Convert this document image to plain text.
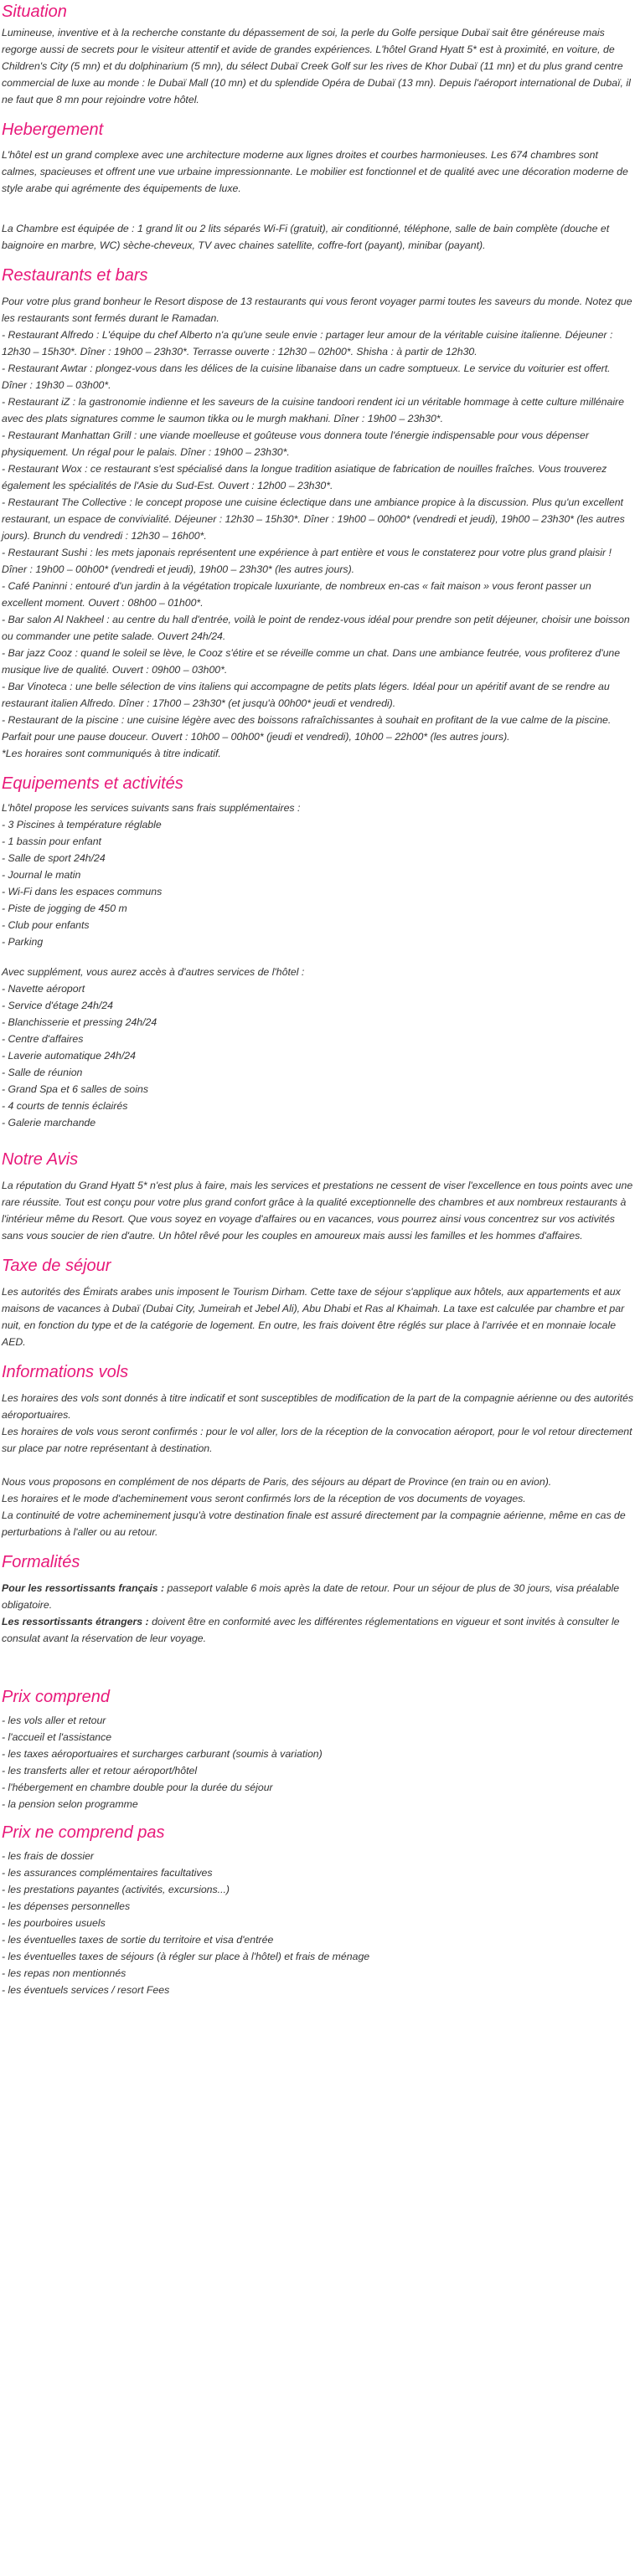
Situation

Lumineuse, inventive et à la recherche constante du dépassement de soi, la perle du Golfe persique Dubaï sait être généreuse mais regorge aussi de secrets pour le visiteur attentif et avide de grandes expériences. L'hôtel Grand Hyatt 5* est à proximité, en voiture, de Children's City (5 mn) et du dolphinarium (5 mn), du sélect Dubaï Creek Golf sur les rives de Khor Dubaï (11 mn) et du plus grand centre commercial de luxe au monde : le Dubaï Mall (10 mn) et du splendide Opéra de Dubaï (13 mn). Depuis l'aéroport international de Dubaï, il ne faut que 8 mn pour rejoindre votre hôtel.

Hebergement

L'hôtel est un grand complexe avec une architecture moderne aux lignes droites et courbes harmonieuses. Les 674 chambres sont calmes, spacieuses et offrent une vue urbaine impressionnante. Le mobilier est fonctionnel et de qualité avec une décoration moderne de style arabe qui agrémente des équipements de luxe.

La Chambre est équipée de : 1 grand lit ou 2 lits séparés Wi-Fi (gratuit), air conditionné, téléphone, salle de bain complète (douche et baignoire en marbre, WC) sèche-cheveux, TV avec chaines satellite, coffre-fort (payant), minibar (payant).

Restaurants et bars

Pour votre plus grand bonheur le Resort dispose de 13 restaurants qui vous feront voyager parmi toutes les saveurs du monde. Notez que les restaurants sont fermés durant le Ramadan.

- Restaurant Alfredo : L'équipe du chef Alberto n'a qu'une seule envie : partager leur amour de la véritable cuisine italienne. Déjeuner : 12h30 – 15h30*. Dîner : 19h00 – 23h30*. Terrasse ouverte : 12h30 – 02h00*. Shisha : à partir de 12h30.

- Restaurant Awtar : plongez-vous dans les délices de la cuisine libanaise dans un cadre somptueux. Le service du voiturier est offert. Dîner : 19h30 – 03h00*.

- Restaurant iZ : la gastronomie indienne et les saveurs de la cuisine tandoori rendent ici un véritable hommage à cette culture millénaire avec des plats signatures comme le saumon tikka ou le murgh makhani. Dîner : 19h00 – 23h30*.

- Restaurant Manhattan Grill : une viande moelleuse et goûteuse vous donnera toute l'énergie indispensable pour vous dépenser physiquement. Un régal pour le palais. Dîner : 19h00 – 23h30*.

- Restaurant Wox : ce restaurant s'est spécialisé dans la longue tradition asiatique de fabrication de nouilles fraîches. Vous trouverez également les spécialités de l'Asie du Sud-Est. Ouvert : 12h00 – 23h30*.

- Restaurant The Collective : le concept propose une cuisine éclectique dans une ambiance propice à la discussion. Plus qu'un excellent restaurant, un espace de convivialité. Déjeuner : 12h30 – 15h30*. Dîner : 19h00 – 00h00* (vendredi et jeudi), 19h00 – 23h30* (les autres jours). Brunch du vendredi : 12h30 – 16h00*.

- Restaurant Sushi : les mets japonais représentent une expérience à part entière et vous le constaterez pour votre plus grand plaisir ! Dîner : 19h00 – 00h00* (vendredi et jeudi), 19h00 – 23h30* (les autres jours).

- Café Paninni : entouré d'un jardin à la végétation tropicale luxuriante, de nombreux en-cas « fait maison » vous feront passer un excellent moment. Ouvert : 08h00 – 01h00*.

- Bar salon Al Nakheel : au centre du hall d'entrée, voilà le point de rendez-vous idéal pour prendre son petit déjeuner, choisir une boisson ou commander une petite salade. Ouvert 24h/24.

- Bar jazz Cooz : quand le soleil se lève, le Cooz s'étire et se réveille comme un chat. Dans une ambiance feutrée, vous profiterez d'une musique live de qualité. Ouvert : 09h00 – 03h00*.

- Bar Vinoteca : une belle sélection de vins italiens qui accompagne de petits plats légers. Idéal pour un apéritif avant de se rendre au restaurant italien Alfredo. Dîner : 17h00 – 23h30* (et jusqu'à 00h00* jeudi et vendredi).

- Restaurant de la piscine : une cuisine légère avec des boissons rafraîchissantes à souhait en profitant de la vue calme de la piscine. Parfait pour une pause douceur. Ouvert : 10h00 – 00h00* (jeudi et vendredi), 10h00 – 22h00* (les autres jours).

*Les horaires sont communiqués à titre indicatif.

Equipements et activités

L'hôtel propose les services suivants sans frais supplémentaires :

- 3 Piscines à température réglable
- 1 bassin pour enfant
- Salle de sport 24h/24
- Journal le matin
- Wi-Fi dans les espaces communs
- Piste de jogging de 450 m
- Club pour enfants
- Parking

Avec supplément, vous aurez accès à d'autres services de l'hôtel :

- Navette aéroport
- Service d'étage 24h/24
- Blanchisserie et pressing 24h/24
- Centre d'affaires
- Laverie automatique 24h/24
- Salle de réunion
- Grand Spa et 6 salles de soins
- 4 courts de tennis éclairés
- Galerie marchande
Notre Avis

La réputation du Grand Hyatt 5* n'est plus à faire, mais les services et prestations ne cessent de viser l'excellence en tous points avec une rare réussite. Tout est conçu pour votre plus grand confort grâce à la qualité exceptionnelle des chambres et aux nombreux restaurants à l'intérieur même du Resort. Que vous soyez en voyage d'affaires ou en vacances, vous pourrez ainsi vous concentrez sur vos activités sans vous soucier de rien d'autre. Un hôtel rêvé pour les couples en amoureux mais aussi les familles et les hommes d'affaires.

Taxe de séjour

Les autorités des Émirats arabes unis imposent le Tourism Dirham. Cette taxe de séjour s'applique aux hôtels, aux appartements et aux maisons de vacances à Dubaï (Dubai City, Jumeirah et Jebel Ali), Abu Dhabi et Ras al Khaimah. La taxe est calculée par chambre et par nuit, en fonction du type et de la catégorie de logement. En outre, les frais doivent être réglés sur place à l'arrivée et en monnaie locale AED.

Informations vols

Les horaires des vols sont donnés à titre indicatif et sont susceptibles de modification de la part de la compagnie aérienne ou des autorités aéroportuaires.

Les horaires de vols vous seront confirmés : pour le vol aller, lors de la réception de la convocation aéroport, pour le vol retour directement sur place par notre représentant à destination.

Nous vous proposons en complément de nos départs de Paris, des séjours au départ de Province (en train ou en avion).

Les horaires et le mode d'acheminement vous seront confirmés lors de la réception de vos documents de voyages.

La continuité de votre acheminement jusqu'à votre destination finale est assuré directement par la compagnie aérienne, même en cas de perturbations à l'aller ou au retour.

Formalités

Pour les ressortissants français : passeport valable 6 mois après la date de retour. Pour un séjour de plus de 30 jours, visa préalable obligatoire.

Les ressortissants étrangers : doivent être en conformité avec les différentes réglementations en vigueur et sont invités à consulter le consulat avant la réservation de leur voyage.

Prix comprend
- les vols aller et retour
- l'accueil et l'assistance
- les taxes aéroportuaires et surcharges carburant (soumis à variation)
- les transferts aller et retour aéroport/hôtel
- l'hébergement en chambre double pour la durée du séjour
- la pension selon programme
Prix ne comprend pas
- les frais de dossier
- les assurances complémentaires facultatives
- les prestations payantes (activités, excursions...)
- les dépenses personnelles
- les pourboires usuels
- les éventuelles taxes de sortie du territoire et visa d'entrée
- les éventuelles taxes de séjours (à régler sur place à l'hôtel) et frais de ménage
- les repas non mentionnés
- les éventuels services / resort Fees
